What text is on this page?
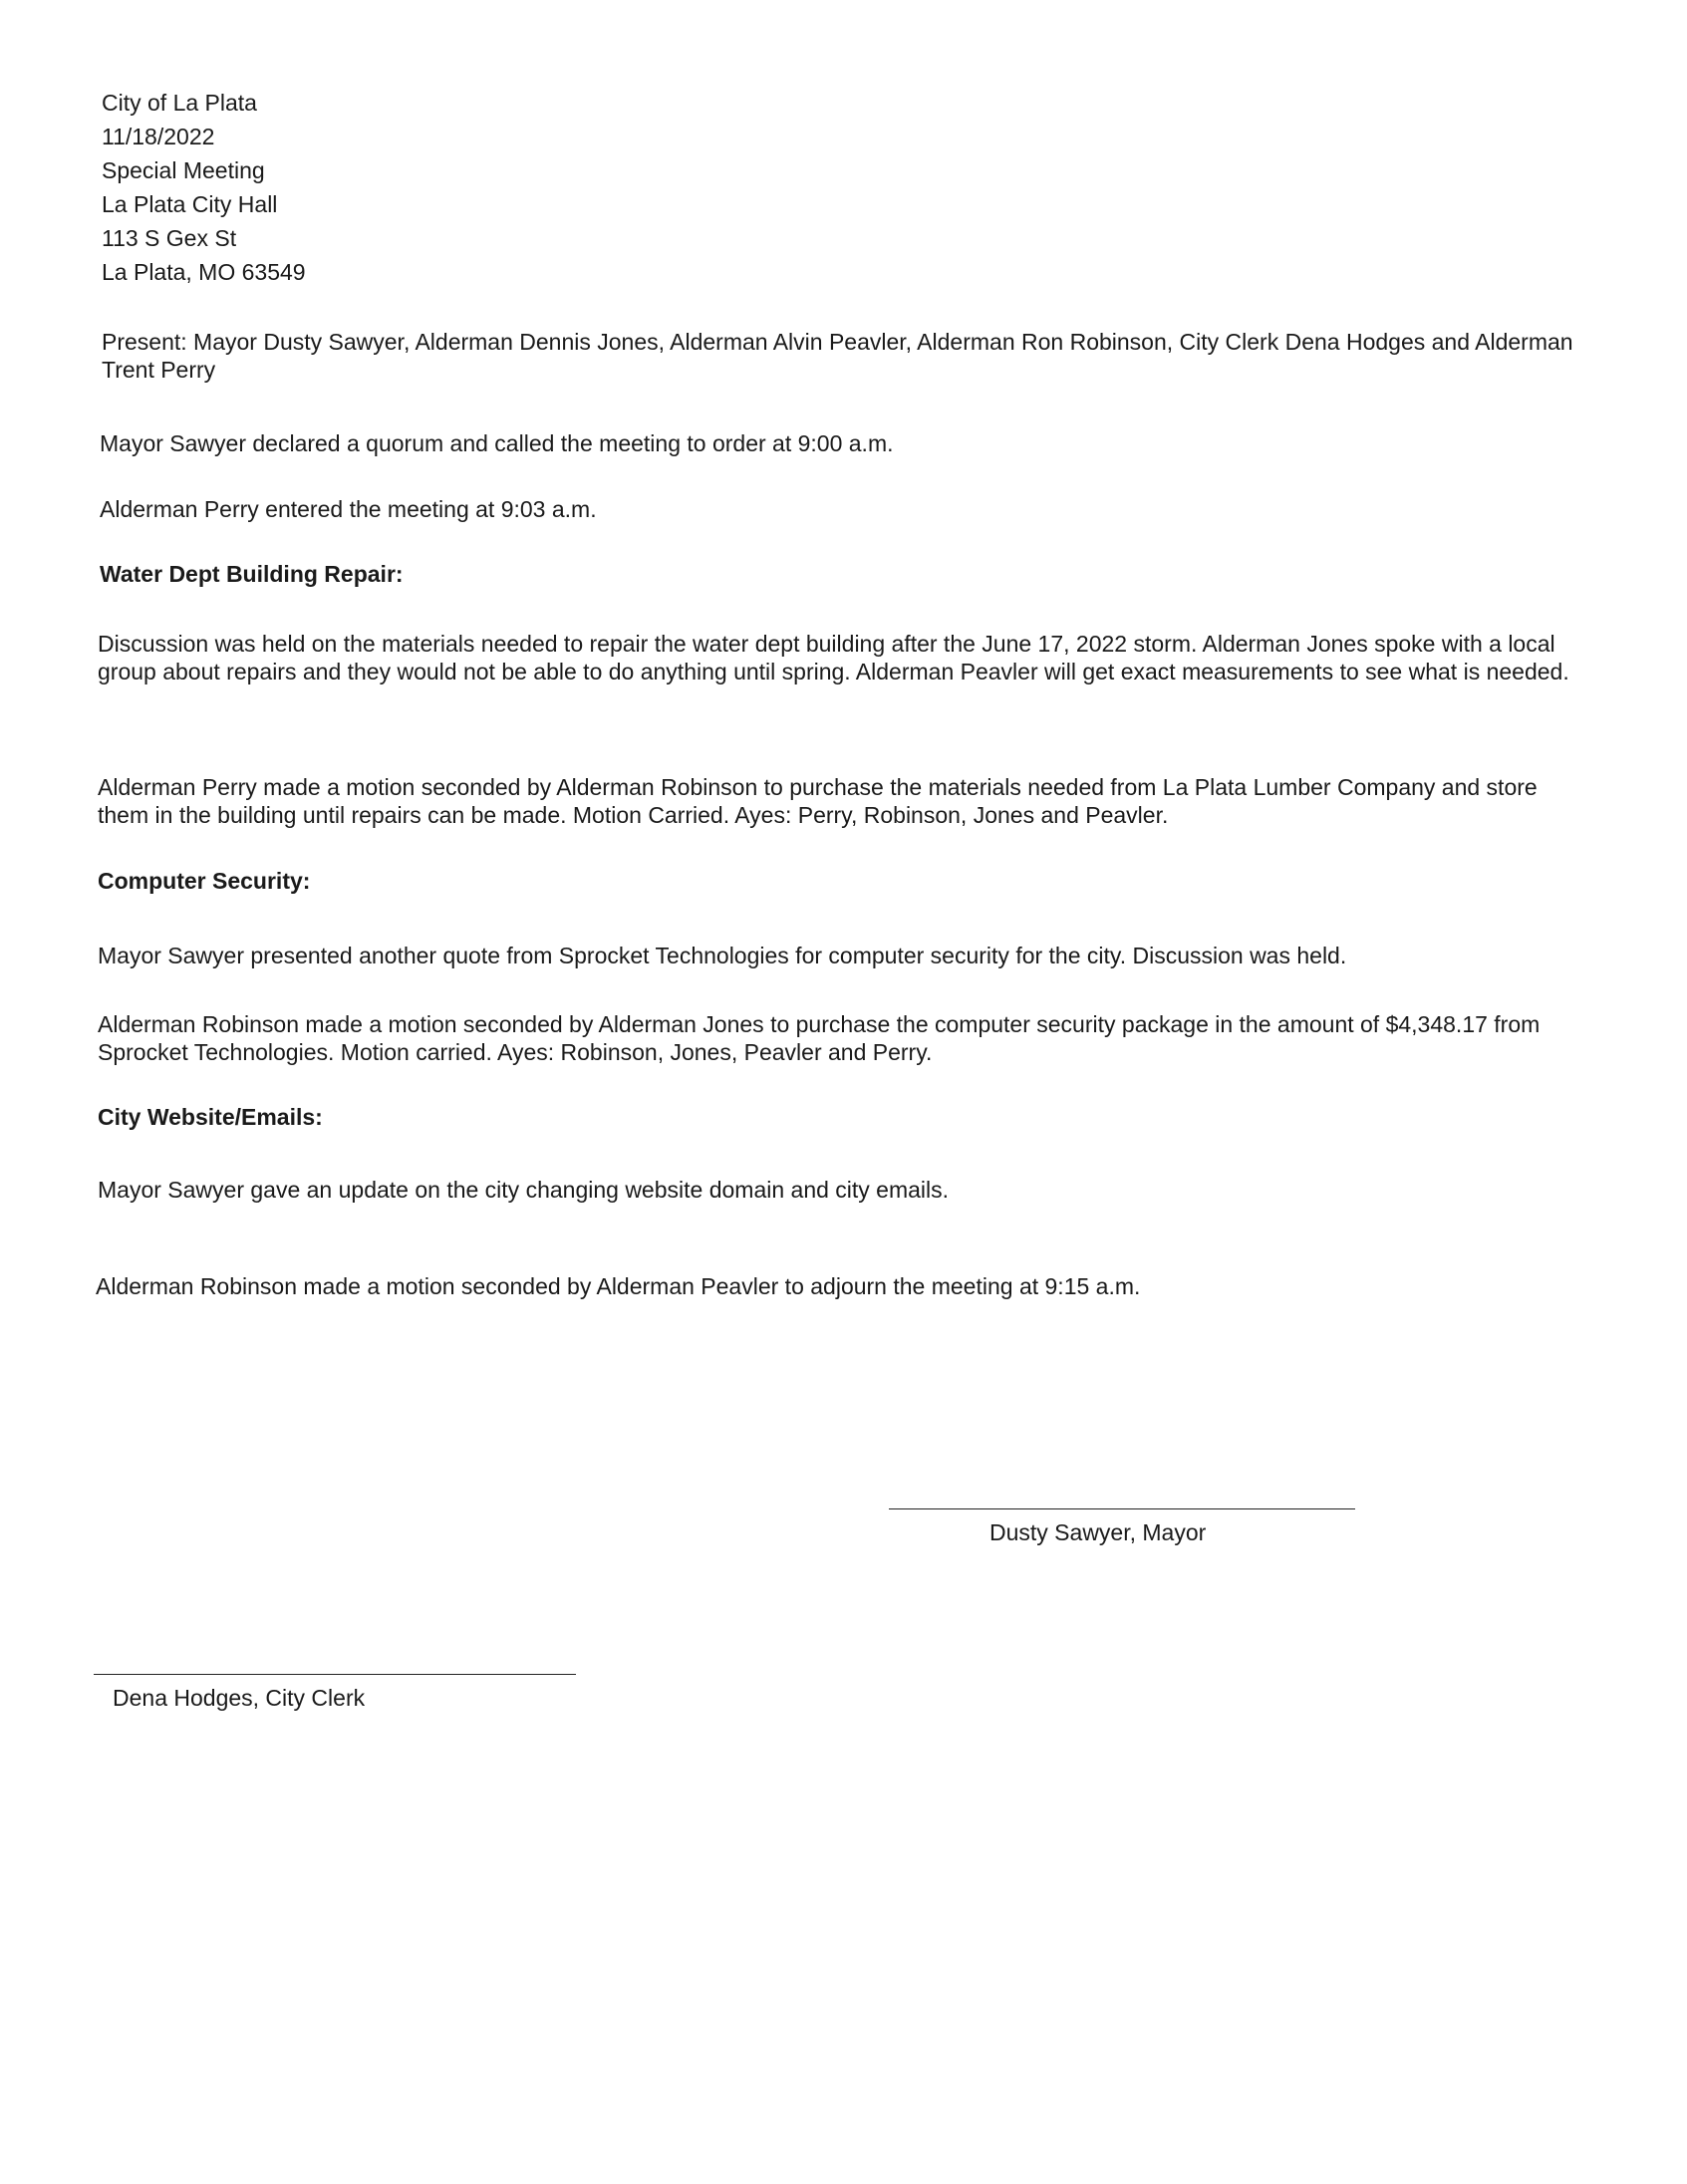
City of La Plata
11/18/2022
Special Meeting
La Plata City Hall
113 S Gex St
La Plata, MO 63549

Present: Mayor Dusty Sawyer, Alderman Dennis Jones, Alderman Alvin Peavler, Alderman Ron Robinson, City Clerk Dena Hodges and Alderman Trent Perry

Mayor Sawyer declared a quorum and called the meeting to order at 9:00 a.m.

Alderman Perry entered the meeting at 9:03 a.m.

Water Dept Building Repair:

Discussion was held on the materials needed to repair the water dept building after the June 17, 2022 storm. Alderman Jones spoke with a local group about repairs and they would not be able to do anything until spring. Alderman Peavler will get exact measurements to see what is needed.

Alderman Perry made a motion seconded by Alderman Robinson to purchase the materials needed from La Plata Lumber Company and store them in the building until repairs can be made. Motion Carried. Ayes: Perry, Robinson, Jones and Peavler.

Computer Security:

Mayor Sawyer presented another quote from Sprocket Technologies for computer security for the city. Discussion was held.

Alderman Robinson made a motion seconded by Alderman Jones to purchase the computer security package in the amount of $4,348.17 from Sprocket Technologies. Motion carried. Ayes: Robinson, Jones, Peavler and Perry.

City Website/Emails:

Mayor Sawyer gave an update on the city changing website domain and city emails.

Alderman Robinson made a motion seconded by Alderman Peavler to adjourn the meeting at 9:15 a.m.

Dusty Sawyer, Mayor
Dena Hodges, City Clerk
